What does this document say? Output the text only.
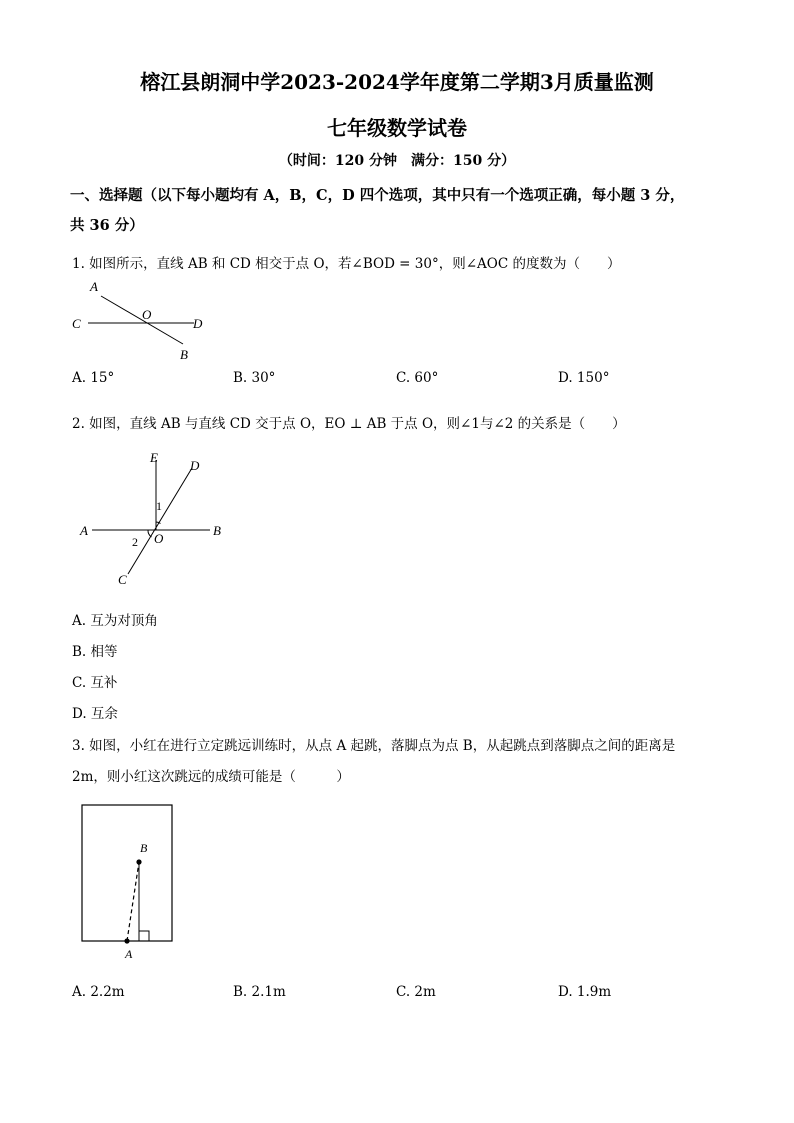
榕江县朗洞中学2023-2024学年度第二学期3月质量监测
七年级数学试卷
（时间：120 分钟　满分：150 分）
一、选择题（以下每小题均有 A，B，C，D 四个选项，其中只有一个选项正确，每小题 3 分，
共 36 分）
1. 如图所示，直线 AB 和 CD 相交于点 O，若∠BOD = 30°，则∠AOC 的度数为（　　）
A
C
O
D
B
A. 15°	B. 30°	C. 60°	D. 150°
2. 如图，直线 AB 与直线 CD 交于点 O，EO ⊥ AB 于点 O，则∠1与∠2 的关系是（　　）
E
D
1
A
2 O
B
C
A. 互为对顶角
B. 相等
C. 互补
D. 互余
3. 如图，小红在进行立定跳远训练时，从点 A 起跳，落脚点为点 B，从起跳点到落脚点之间的距离是
2m，则小红这次跳远的成绩可能是（　　　）
B
A
A. 2.2m	B. 2.1m	C. 2m	D. 1.9m
